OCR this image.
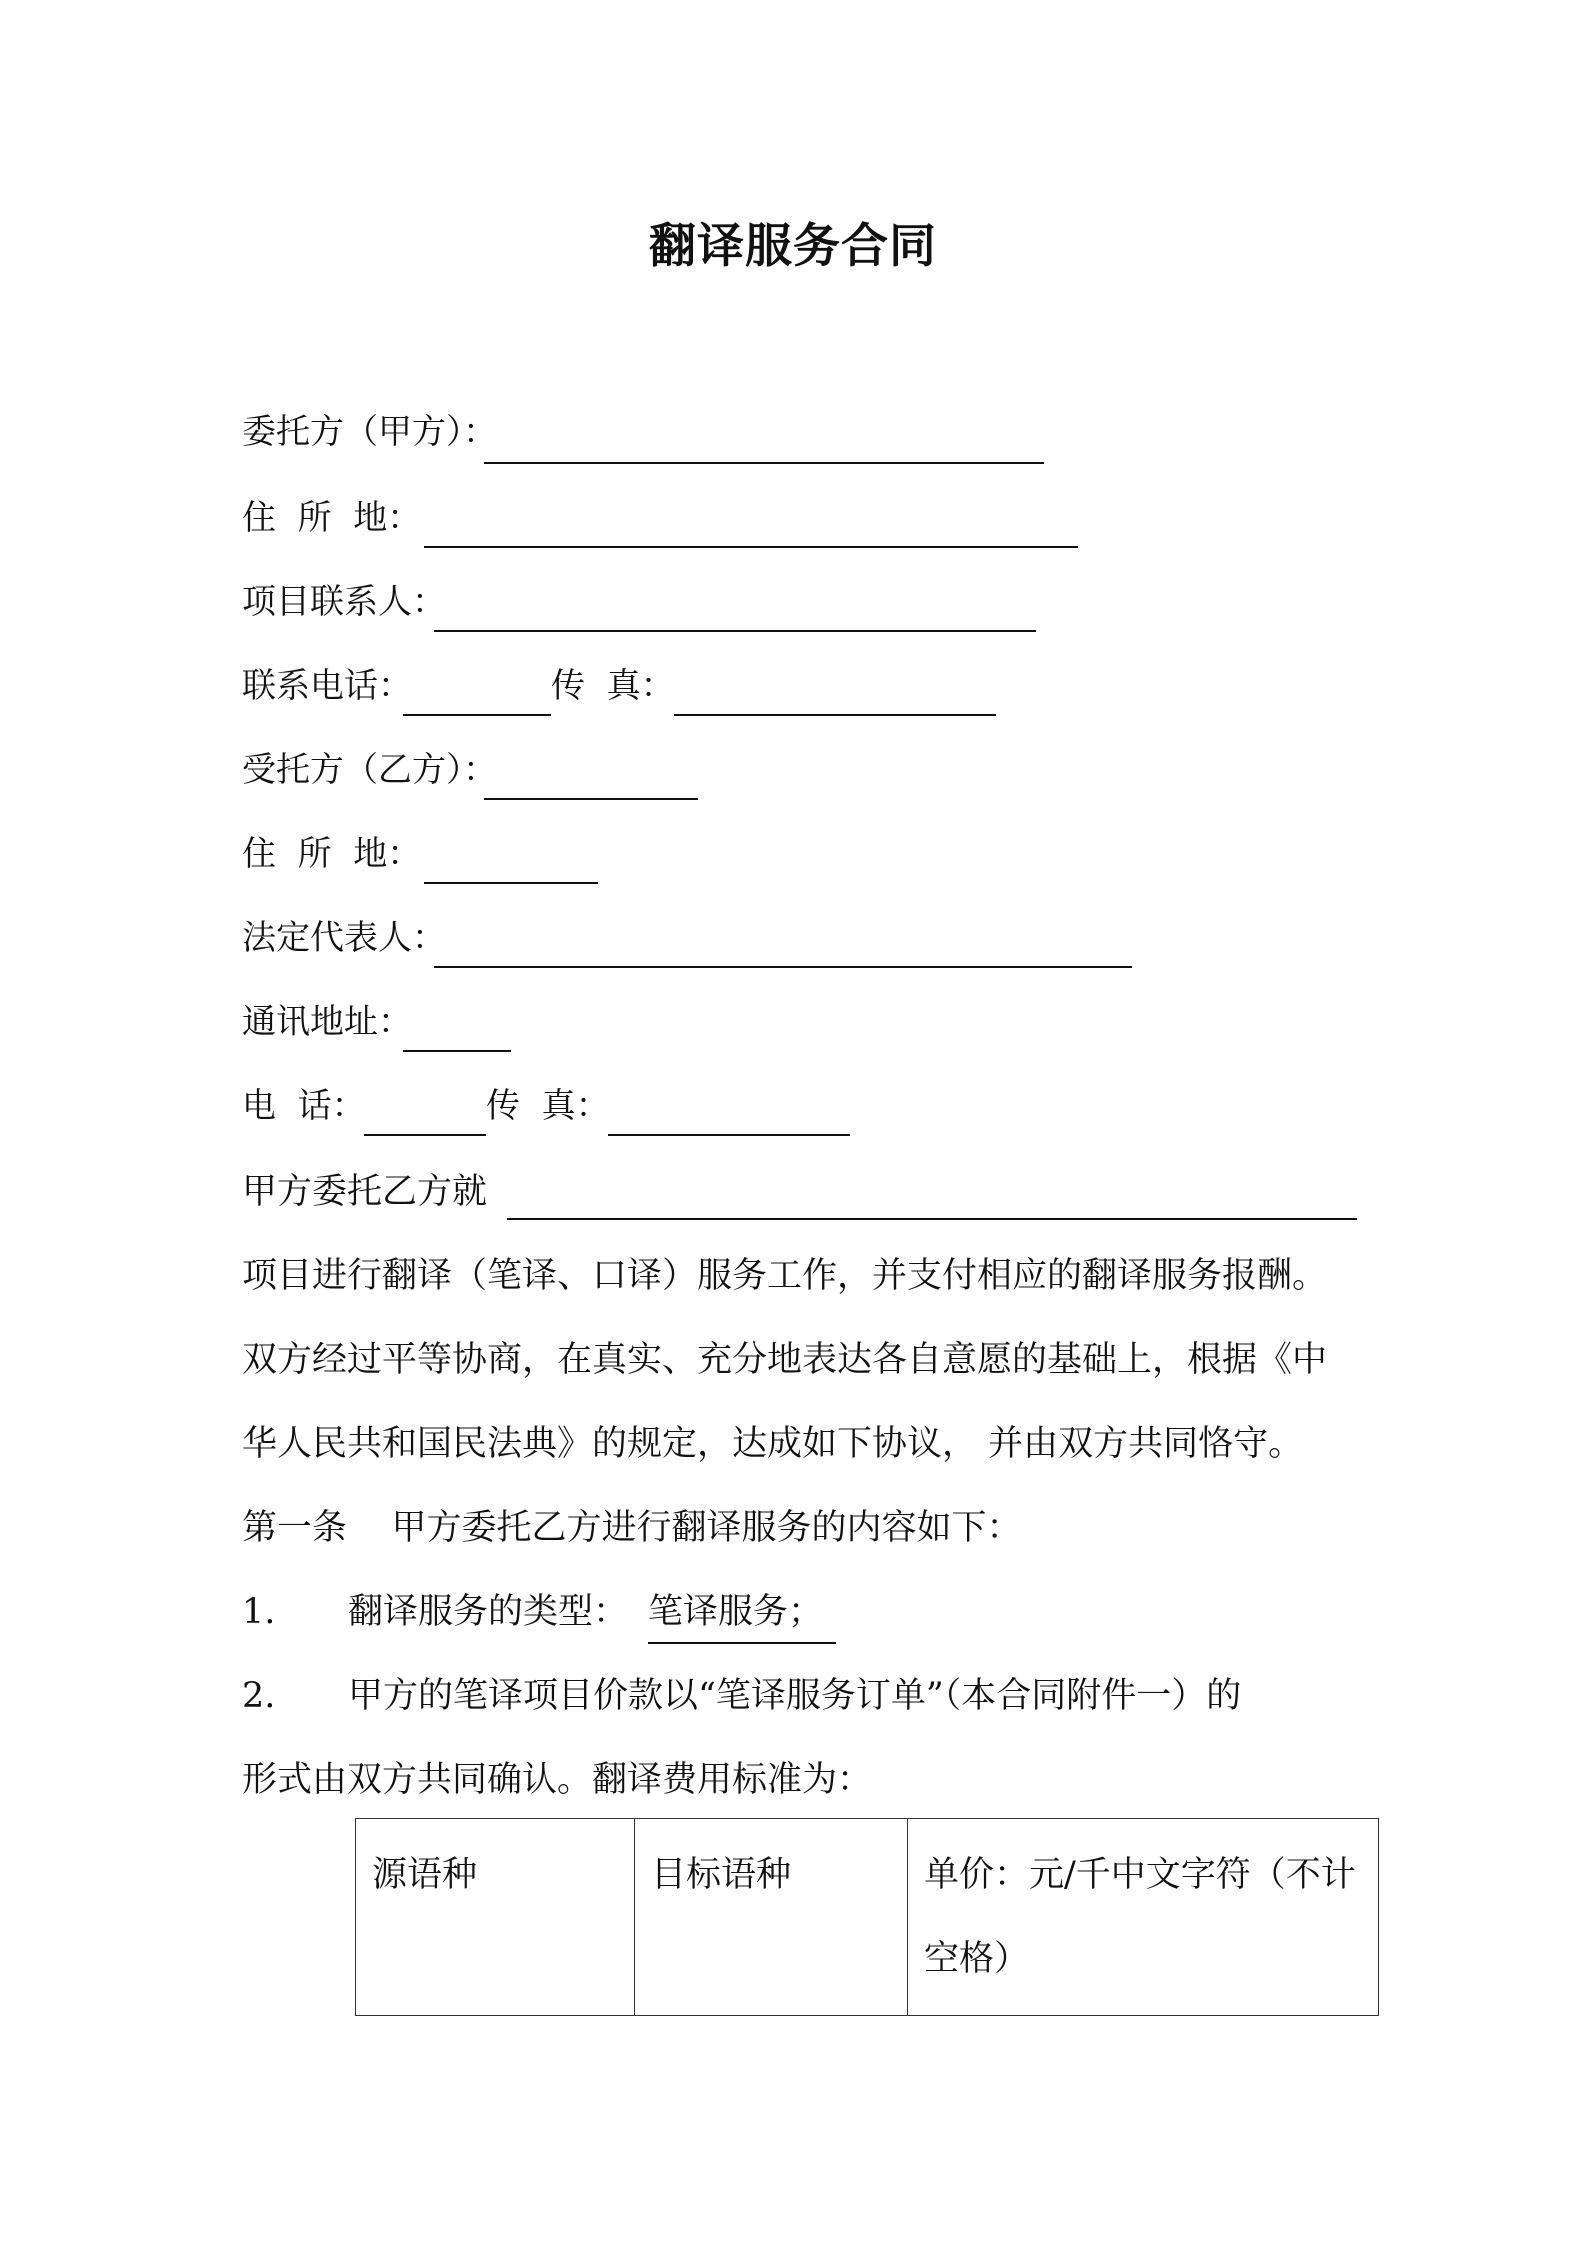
翻译服务合同
委托方（甲方）：
住  所  地：
项目联系人：
联系电话：	传  真：
受托方（乙方）：
住  所  地：
法定代表人：
通讯地址：
电  话：	传  真：
甲方委托乙方就
项目进行翻译（笔译、口译）服务工作，并支付相应的翻译服务报酬。
双方经过平等协商，在真实、充分地表达各自意愿的基础上，根据《中
华人民共和国民法典》的规定，达成如下协议， 并由双方共同恪守。
第一条    甲方委托乙方进行翻译服务的内容如下：
1. 翻译服务的类型： 笔译服务；
2. 甲方的笔译项目价款以“笔译服务订单”（本合同附件一）的
形式由双方共同确认。翻译费用标准为：
源语种	目标语种	单价：元/千中文字符（不计空格）
